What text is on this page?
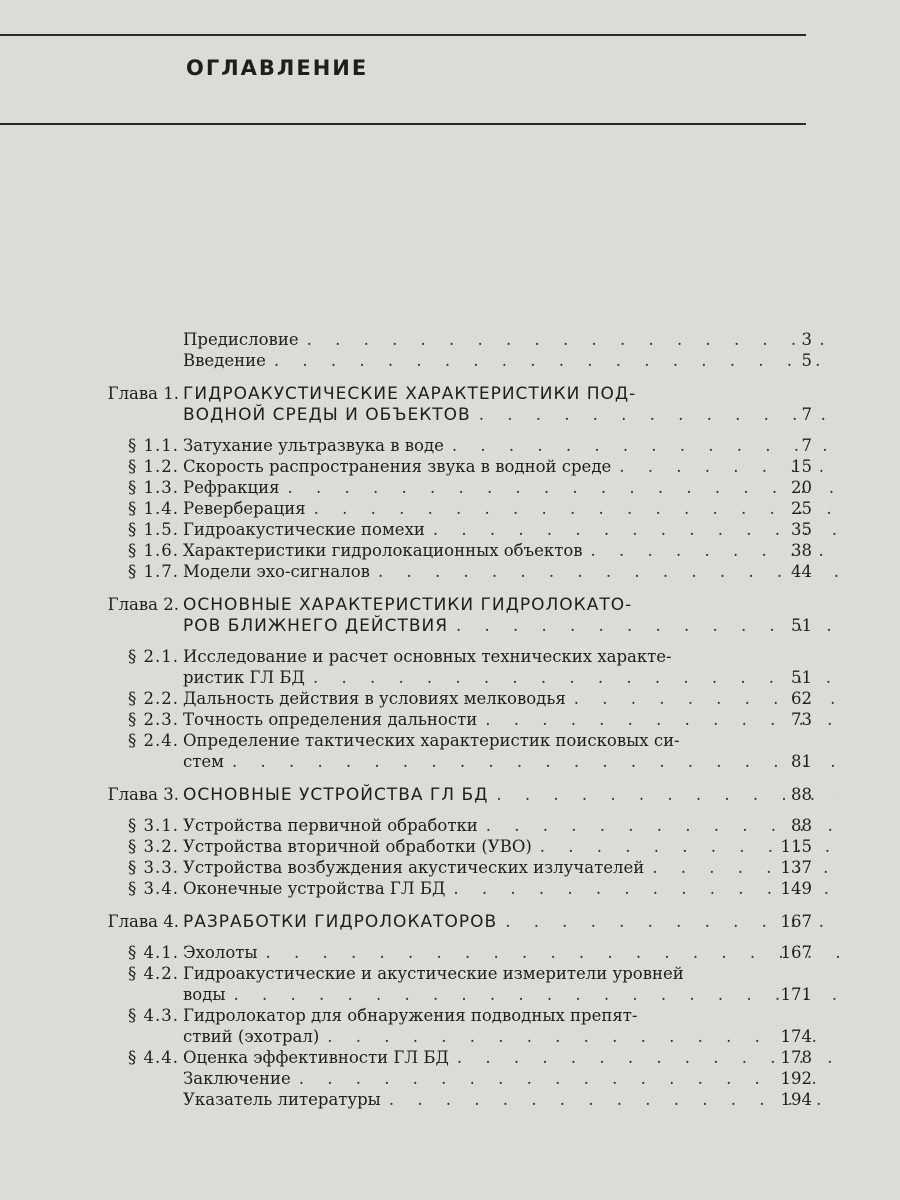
ОГЛАВЛЕНИЕ
Предисловие . . .	3
Введение . . .	5
Глава 1. ГИДРОАКУСТИЧЕСКИЕ ХАРАКТЕРИСТИКИ ПОД-
ВОДНОЙ СРЕДЫ И ОБЪЕКТОВ . . .	7
§ 1.1. Затухание ультразвука в воде . . .	7
§ 1.2. Скорость распространения звука в водной среде . . .	15
§ 1.3. Рефракция . . .	20
§ 1.4. Реверберация . . .	25
§ 1.5. Гидроакустические помехи . . .	35
§ 1.6. Характеристики гидролокационных объектов . . .	38
§ 1.7. Модели эхо-сигналов . . .	44
Глава 2. ОСНОВНЫЕ ХАРАКТЕРИСТИКИ ГИДРОЛОКАТО-
РОВ БЛИЖНЕГО ДЕЙСТВИЯ . . .	51
§ 2.1. Исследование и расчет основных технических характе-
ристик ГЛ БД . . .	51
§ 2.2. Дальность действия в условиях мелководья . . .	62
§ 2.3. Точность определения дальности . . .	73
§ 2.4. Определение тактических характеристик поисковых си-
стем . . .	81
Глава 3. ОСНОВНЫЕ УСТРОЙСТВА ГЛ БД . . .	88
§ 3.1. Устройства первичной обработки . . .	88
§ 3.2. Устройства вторичной обработки (УВО) . . .	115
§ 3.3. Устройства возбуждения акустических излучателей . . .	137
§ 3.4. Оконечные устройства ГЛ БД . . .	149
Глава 4. РАЗРАБОТКИ ГИДРОЛОКАТОРОВ . . .	167
§ 4.1. Эхолоты . . .	167
§ 4.2. Гидроакустические и акустические измерители уровней
воды . . .	171
§ 4.3. Гидролокатор для обнаружения подводных препят-
ствий (эхотрал) . . .	174
§ 4.4. Оценка эффективности ГЛ БД . . .	178
Заключение . . .	192
Указатель литературы . . .	194
